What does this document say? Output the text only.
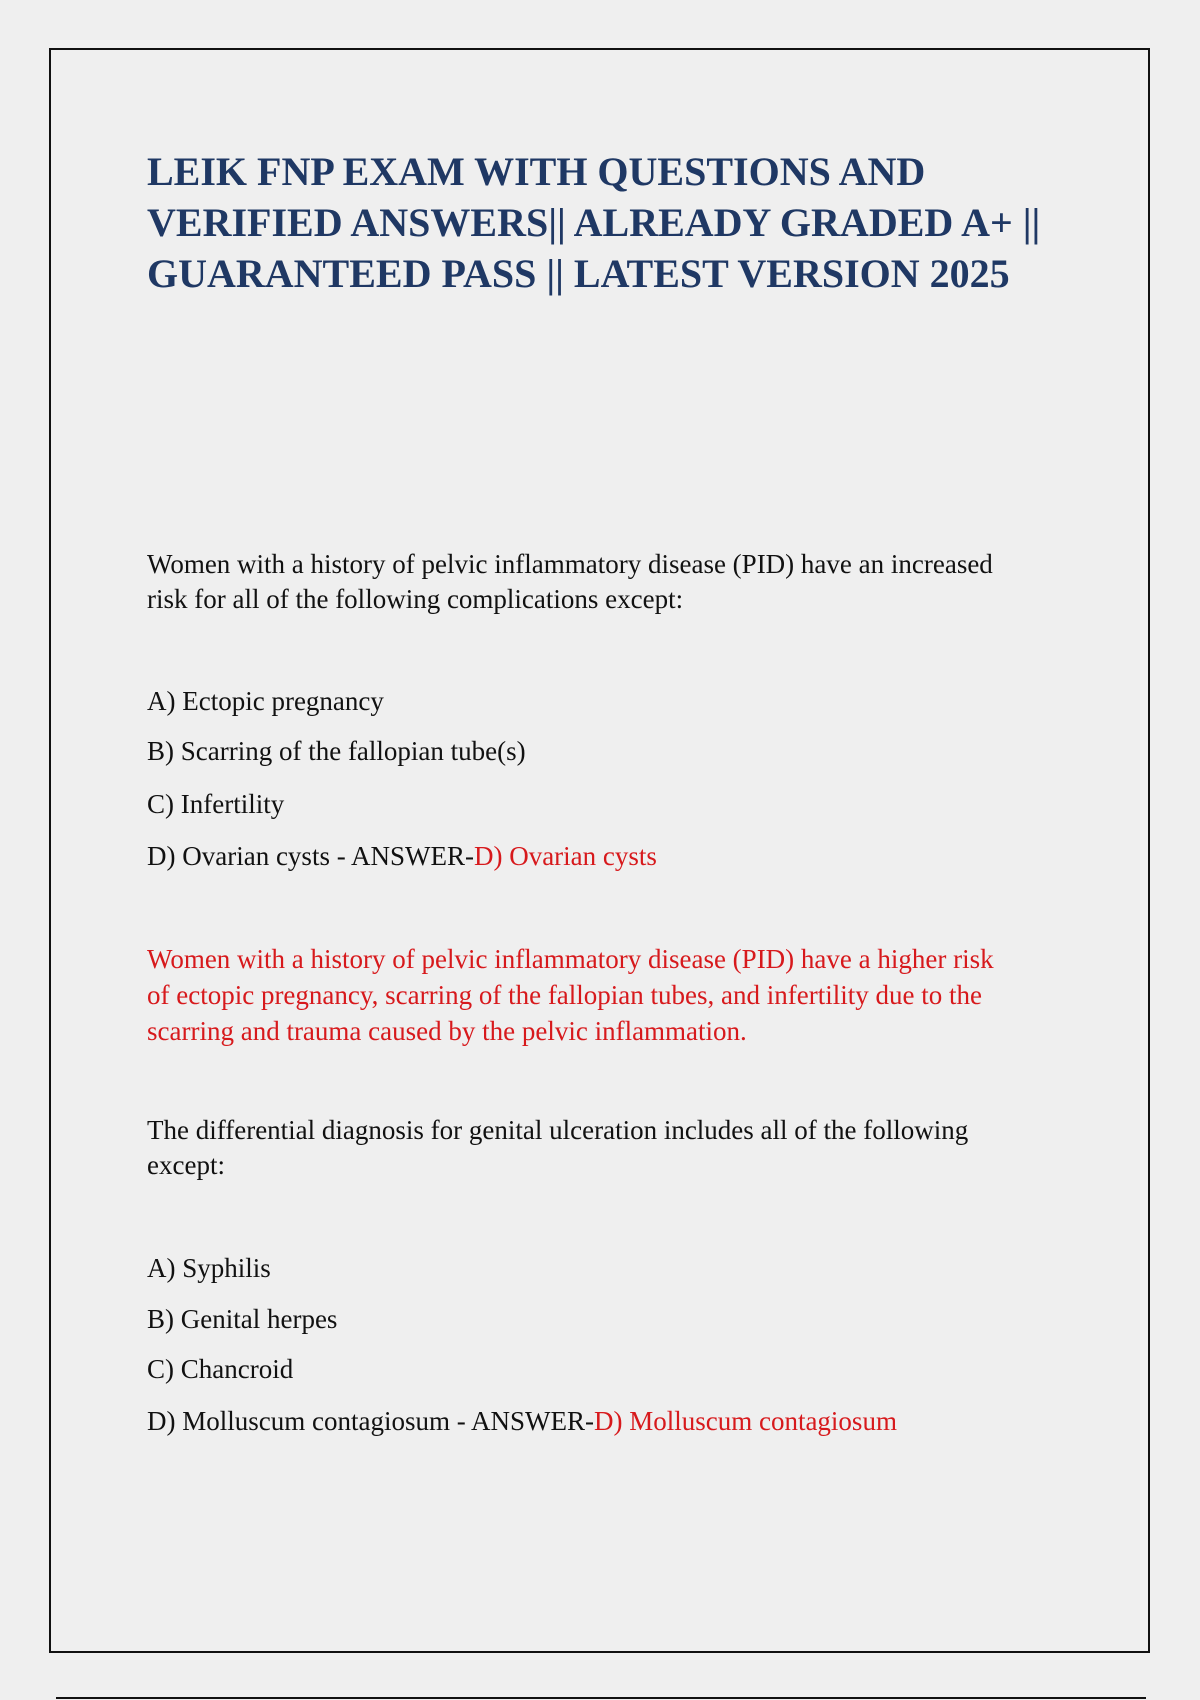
LEIK FNP EXAM WITH QUESTIONS AND
VERIFIED ANSWERS|| ALREADY GRADED A+ ||
GUARANTEED PASS || LATEST VERSION 2025

Women with a history of pelvic inflammatory disease (PID) have an increased
risk for all of the following complications except:

A) Ectopic pregnancy

B) Scarring of the fallopian tube(s)

C) Infertility

D) Ovarian cysts - ANSWER-D) Ovarian cysts

Women with a history of pelvic inflammatory disease (PID) have a higher risk
of ectopic pregnancy, scarring of the fallopian tubes, and infertility due to the
scarring and trauma caused by the pelvic inflammation.

The differential diagnosis for genital ulceration includes all of the following
except:

A) Syphilis

B) Genital herpes

C) Chancroid

D) Molluscum contagiosum - ANSWER-D) Molluscum contagiosum
